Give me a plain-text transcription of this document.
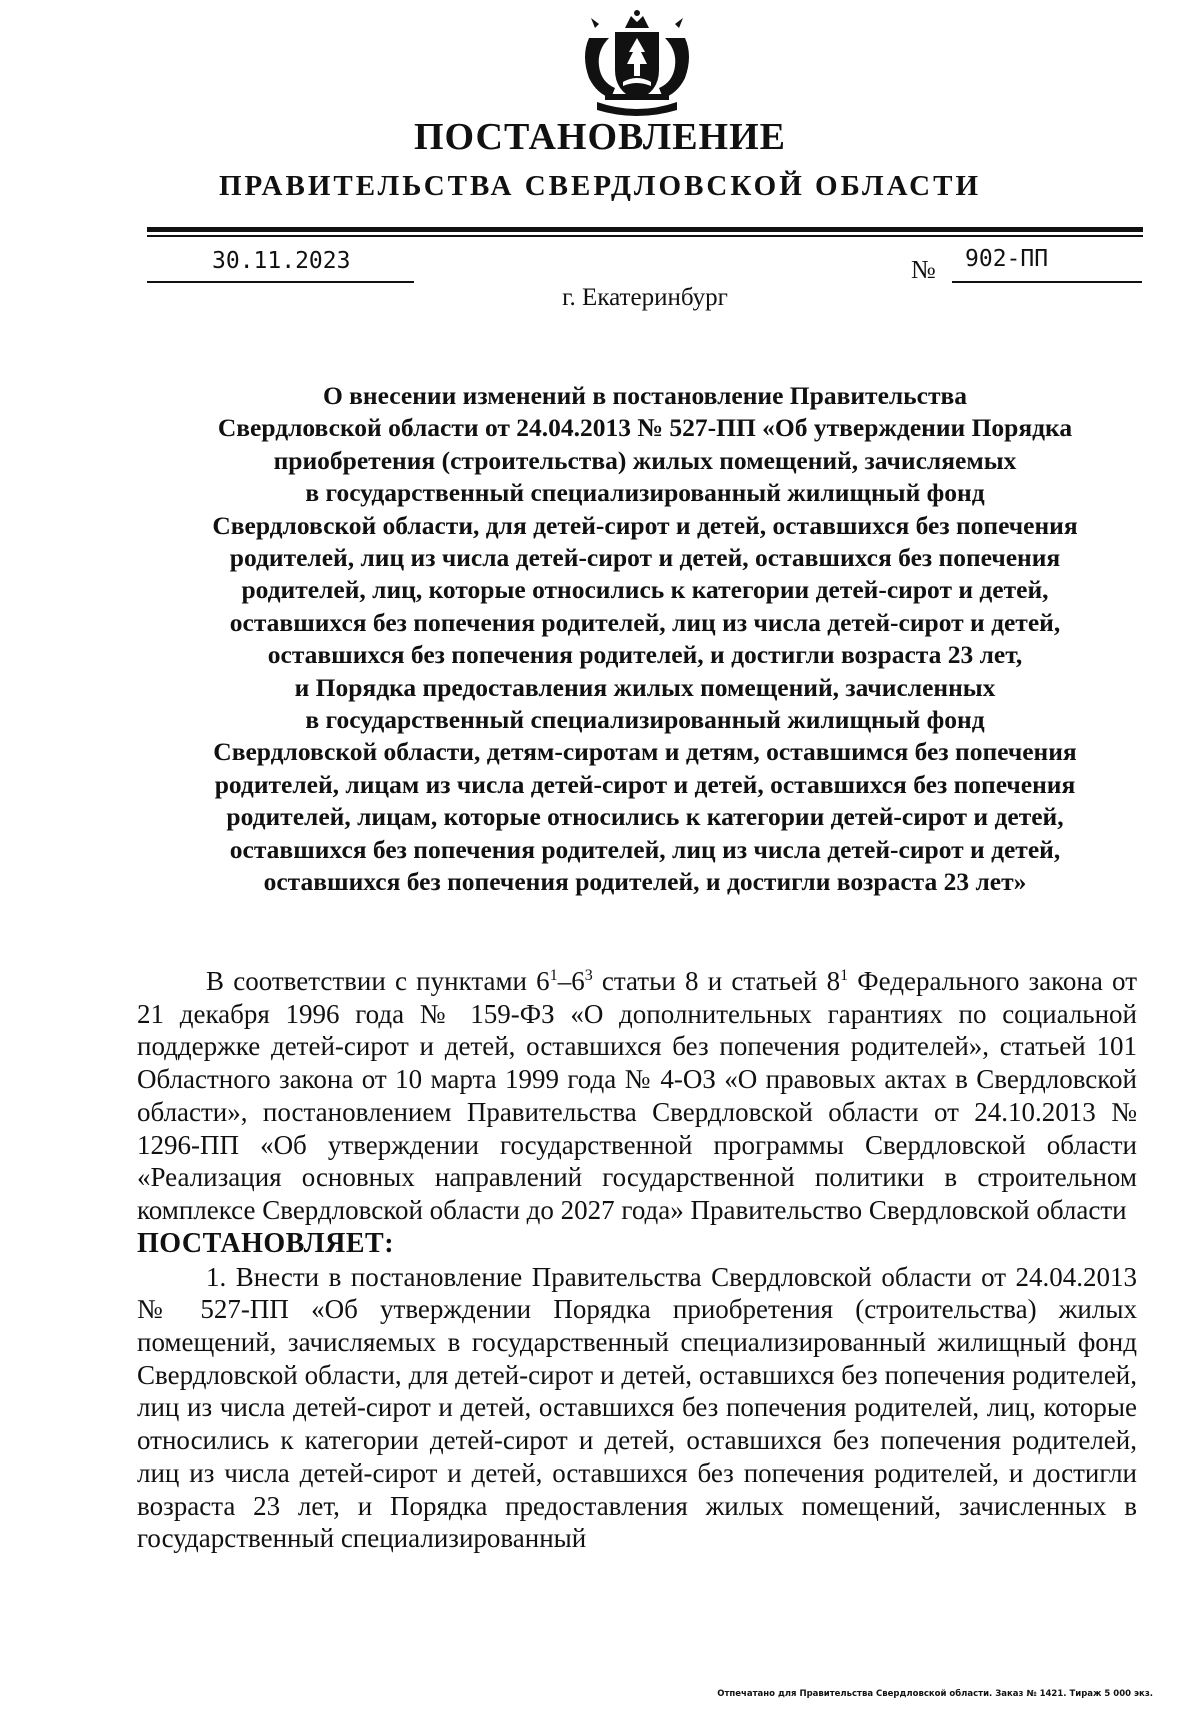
ПОСТАНОВЛЕНИЕ
ПРАВИТЕЛЬСТВА СВЕРДЛОВСКОЙ ОБЛАСТИ
30.11.2023	№ 902-ПП
г. Екатеринбург
О внесении изменений в постановление Правительства
Свердловской области от 24.04.2013 № 527-ПП «Об утверждении Порядка
приобретения (строительства) жилых помещений, зачисляемых
в государственный специализированный жилищный фонд
Свердловской области, для детей-сирот и детей, оставшихся без попечения
родителей, лиц из числа детей-сирот и детей, оставшихся без попечения
родителей, лиц, которые относились к категории детей-сирот и детей,
оставшихся без попечения родителей, лиц из числа детей-сирот и детей,
оставшихся без попечения родителей, и достигли возраста 23 лет,
и Порядка предоставления жилых помещений, зачисленных
в государственный специализированный жилищный фонд
Свердловской области, детям-сиротам и детям, оставшимся без попечения
родителей, лицам из числа детей-сирот и детей, оставшихся без попечения
родителей, лицам, которые относились к категории детей-сирот и детей,
оставшихся без попечения родителей, лиц из числа детей-сирот и детей,
оставшихся без попечения родителей, и достигли возраста 23 лет»

В соответствии с пунктами $6^1-6^3$ статьи 8 и статьей $8^1$ Федерального закона от 21 декабря 1996 года № 159-ФЗ «О дополнительных гарантиях по социальной поддержке детей-сирот и детей, оставшихся без попечения родителей», статьей 101 Областного закона от 10 марта 1999 года № 4-ОЗ «О правовых актах в Свердловской области», постановлением Правительства Свердловской области от 24.10.2013 № 1296-ПП «Об утверждении государственной программы Свердловской области «Реализация основных направлений государственной политики в строительном комплексе Свердловской области до 2027 года» Правительство Свердловской области

ПОСТАНОВЛЯЕТ:

1. Внести в постановление Правительства Свердловской области от 24.04.2013 № 527-ПП «Об утверждении Порядка приобретения (строительства) жилых помещений, зачисляемых в государственный специализированный жилищный фонд Свердловской области, для детей-сирот и детей, оставшихся без попечения родителей, лиц из числа детей-сирот и детей, оставшихся без попечения родителей, лиц, которые относились к категории детей-сирот и детей, оставшихся без попечения родителей, лиц из числа детей-сирот и детей, оставшихся без попечения родителей, и достигли возраста 23 лет, и Порядка предоставления жилых помещений, зачисленных в государственный специализированный

Отпечатано для Правительства Свердловской области. Заказ № 1421. Тираж 5 000 экз.
